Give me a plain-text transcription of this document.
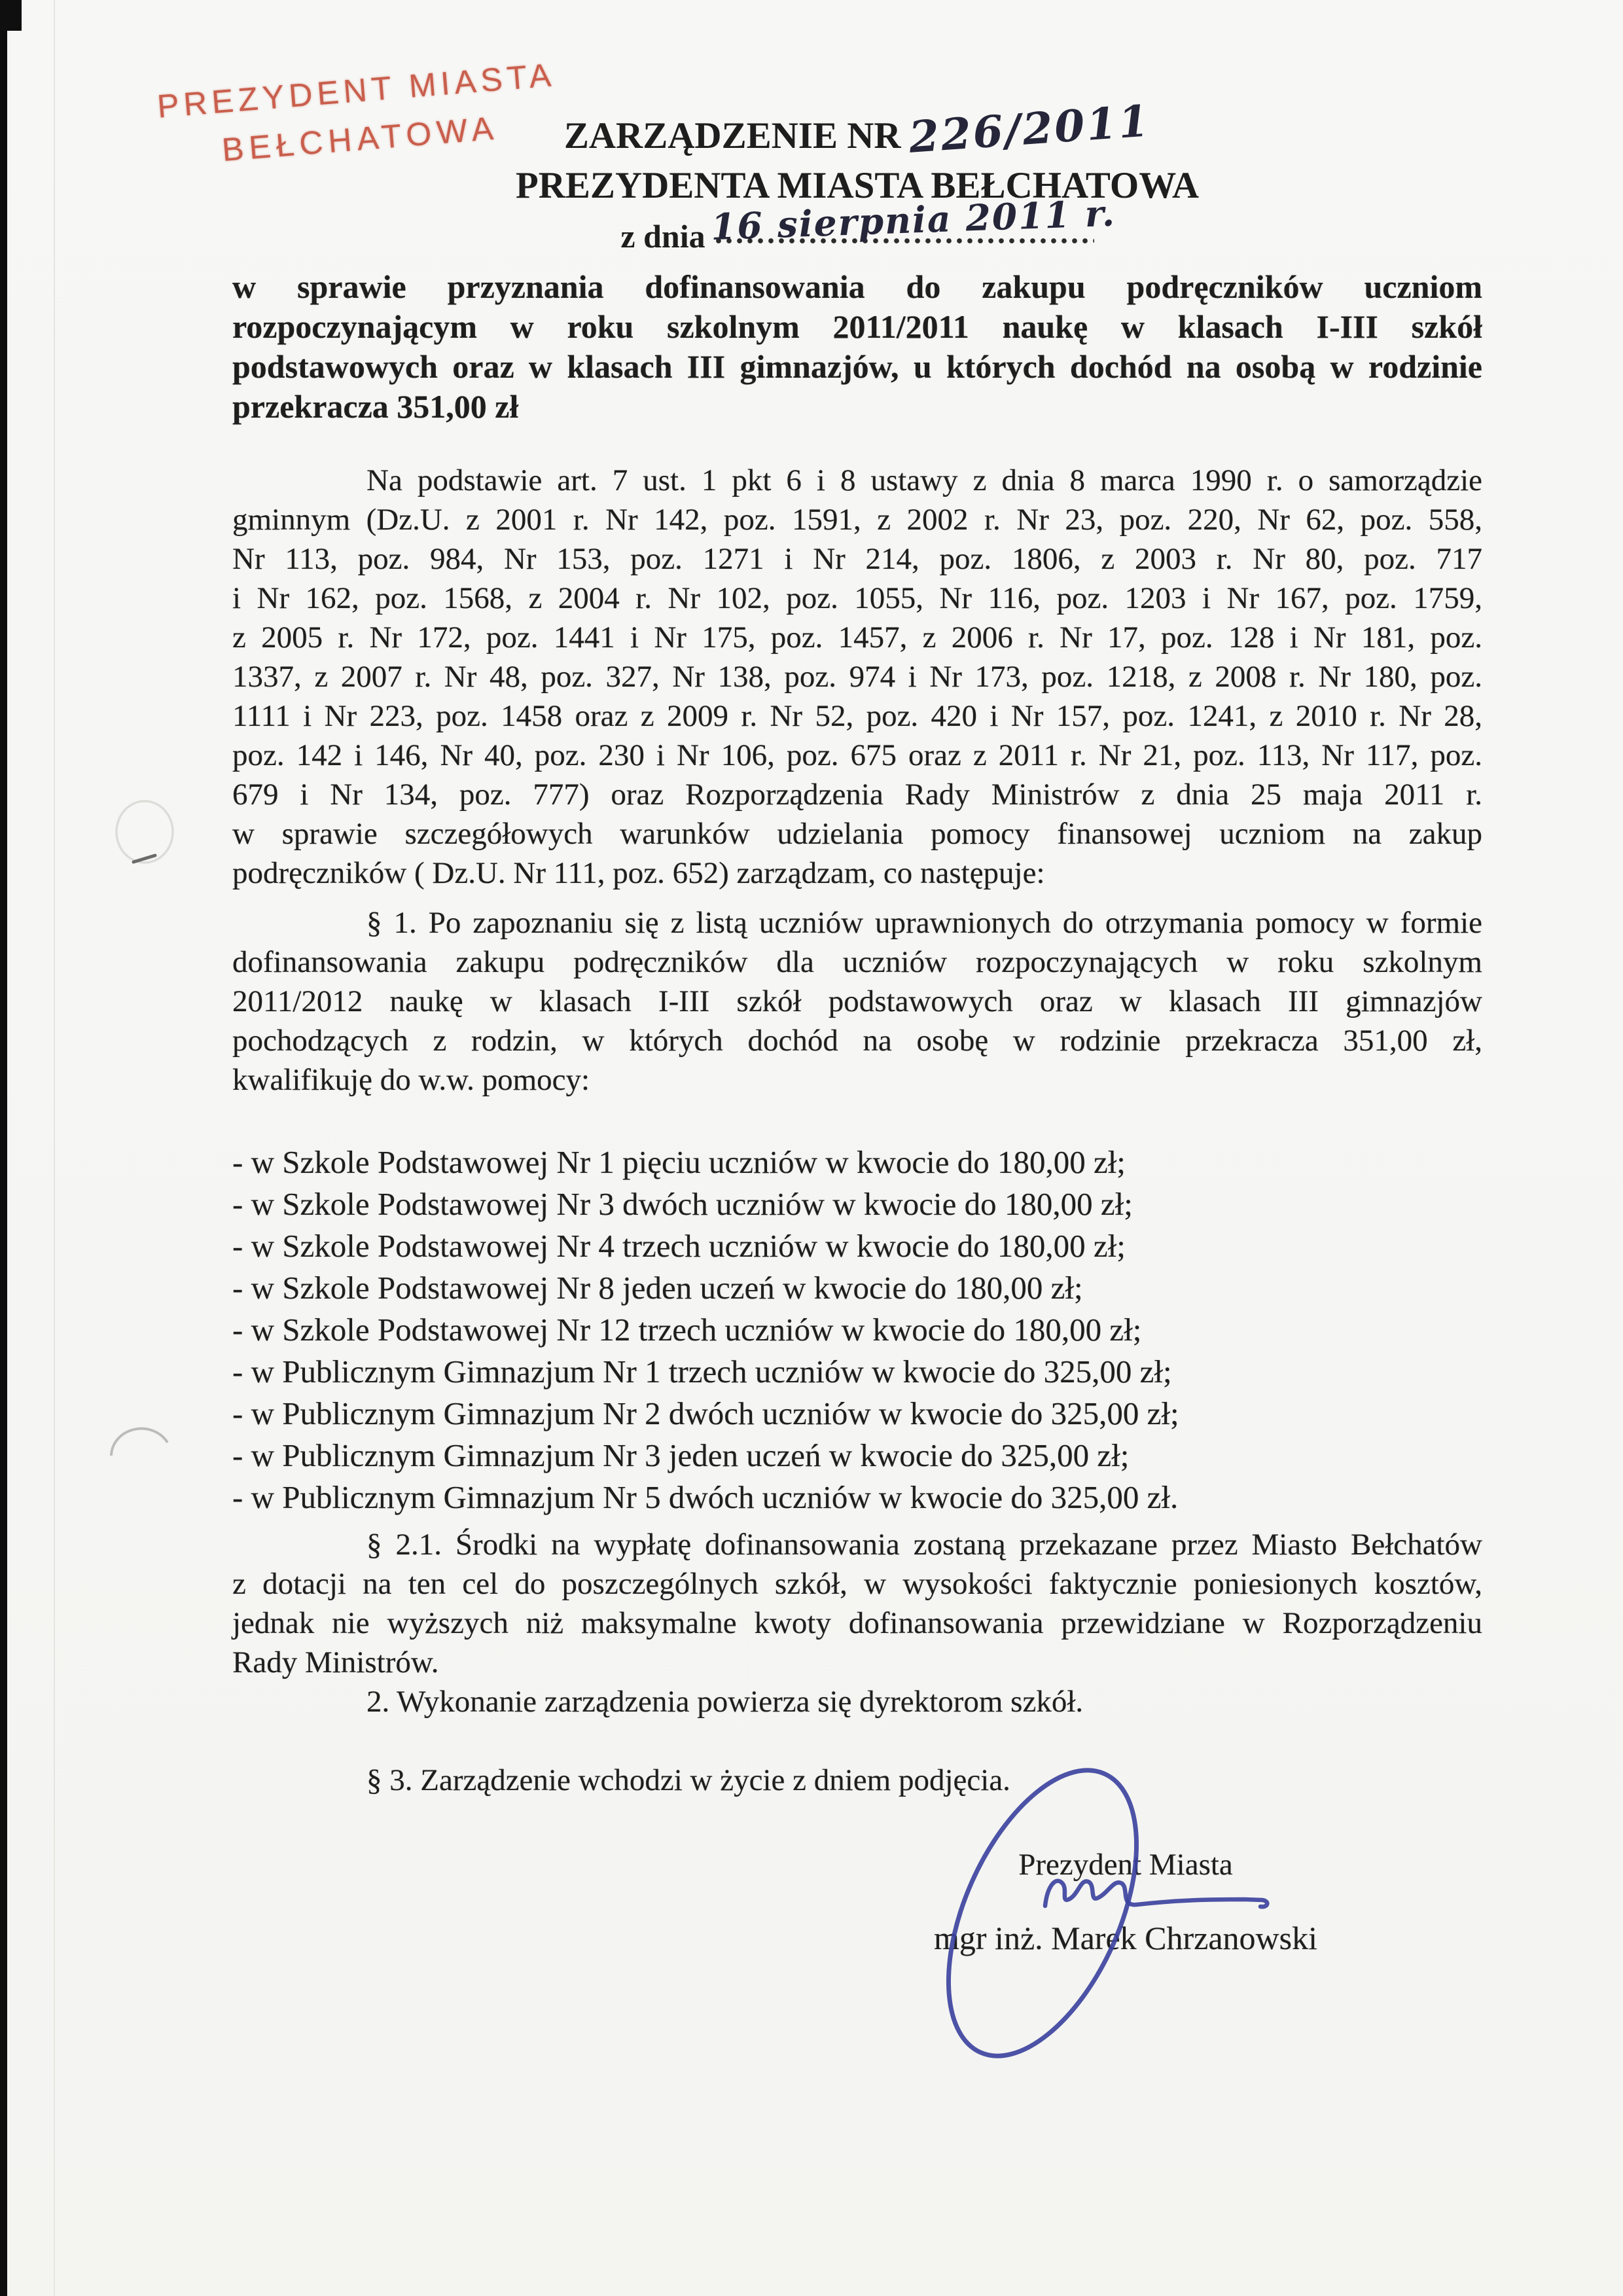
PREZYDENT MIASTA
BEŁCHATOWA	ZARZĄDZENIE NR 226/2011
PREZYDENTA MIASTA BEŁCHATOWA
z dnia 16 sierpnia 2011 r.
w sprawie przyznania dofinansowania do zakupu podręczników uczniom
rozpoczynającym w roku szkolnym 2011/2011 naukę w klasach I-III szkół
podstawowych oraz w klasach III gimnazjów, u których dochód na osobą w rodzinie
przekracza 351,00 zł
Na podstawie art. 7 ust. 1 pkt 6 i 8 ustawy z dnia 8 marca 1990 r. o samorządzie
gminnym (Dz.U. z 2001 r. Nr 142, poz. 1591, z 2002 r. Nr 23, poz. 220, Nr 62, poz. 558,
Nr 113, poz. 984, Nr 153, poz. 1271 i Nr 214, poz. 1806, z 2003 r. Nr 80, poz. 717
i Nr 162, poz. 1568, z 2004 r. Nr 102, poz. 1055, Nr 116, poz. 1203 i Nr 167, poz. 1759,
z 2005 r. Nr 172, poz. 1441 i Nr 175, poz. 1457, z 2006 r. Nr 17, poz. 128 i Nr 181, poz.
1337, z 2007 r. Nr 48, poz. 327, Nr 138, poz. 974 i Nr 173, poz. 1218, z 2008 r. Nr 180, poz.
1111 i Nr 223, poz. 1458 oraz z 2009 r. Nr 52, poz. 420 i Nr 157, poz. 1241, z 2010 r. Nr 28,
poz. 142 i 146, Nr 40, poz. 230 i Nr 106, poz. 675 oraz z 2011 r. Nr 21, poz. 113, Nr 117, poz.
679 i Nr 134, poz. 777) oraz Rozporządzenia Rady Ministrów z dnia 25 maja 2011 r.
w sprawie szczegółowych warunków udzielania pomocy finansowej uczniom na zakup
podręczników ( Dz.U. Nr 111, poz. 652) zarządzam, co następuje:
§ 1. Po zapoznaniu się z listą uczniów uprawnionych do otrzymania pomocy w formie
dofinansowania zakupu podręczników dla uczniów rozpoczynających w roku szkolnym
2011/2012 naukę w klasach I-III szkół podstawowych oraz w klasach III gimnazjów
pochodzących z rodzin, w których dochód na osobę w rodzinie przekracza 351,00 zł,
kwalifikuję do w.w. pomocy:
- w Szkole Podstawowej Nr 1 pięciu uczniów w kwocie do 180,00 zł;
- w Szkole Podstawowej Nr 3 dwóch uczniów w kwocie do 180,00 zł;
- w Szkole Podstawowej Nr 4 trzech uczniów w kwocie do 180,00 zł;
- w Szkole Podstawowej Nr 8 jeden uczeń w kwocie do 180,00 zł;
- w Szkole Podstawowej Nr 12 trzech uczniów w kwocie do 180,00 zł;
- w Publicznym Gimnazjum Nr 1 trzech uczniów w kwocie do 325,00 zł;
- w Publicznym Gimnazjum Nr 2 dwóch uczniów w kwocie do 325,00 zł;
- w Publicznym Gimnazjum Nr 3 jeden uczeń w kwocie do 325,00 zł;
- w Publicznym Gimnazjum Nr 5 dwóch uczniów w kwocie do 325,00 zł.
§ 2.1. Środki na wypłatę dofinansowania zostaną przekazane przez Miasto Bełchatów
z dotacji na ten cel do poszczególnych szkół, w wysokości faktycznie poniesionych kosztów,
jednak nie wyższych niż maksymalne kwoty dofinansowania przewidziane w Rozporządzeniu
Rady Ministrów.
2. Wykonanie zarządzenia powierza się dyrektorom szkół.
§ 3. Zarządzenie wchodzi w życie z dniem podjęcia.
Prezydent Miasta
mgr inż. Marek Chrzanowski
